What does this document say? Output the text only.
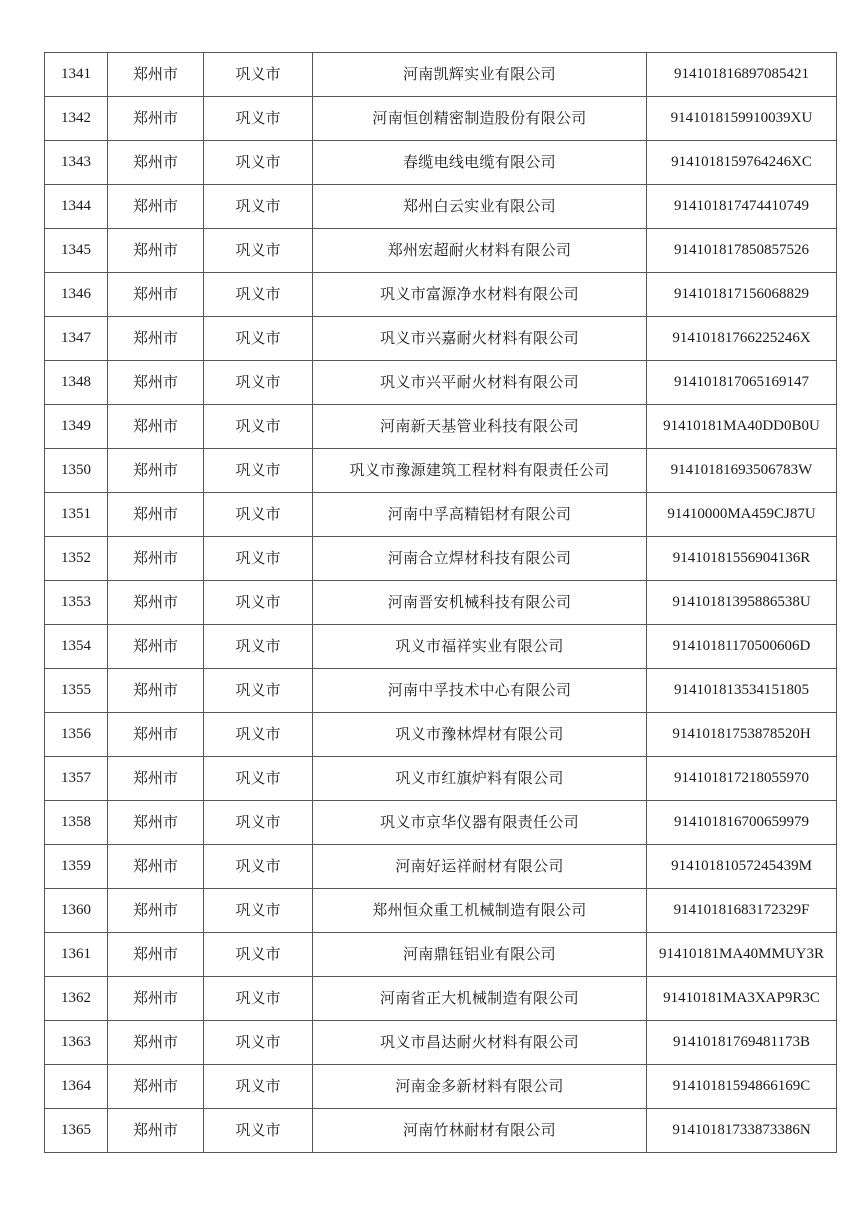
1341	郑州市	巩义市	河南凯辉实业有限公司	914101816897085421
1342	郑州市	巩义市	河南恒创精密制造股份有限公司	9141018159910039XU
1343	郑州市	巩义市	春缆电线电缆有限公司	9141018159764246XC
1344	郑州市	巩义市	郑州白云实业有限公司	914101817474410749
1345	郑州市	巩义市	郑州宏超耐火材料有限公司	914101817850857526
1346	郑州市	巩义市	巩义市富源净水材料有限公司	914101817156068829
1347	郑州市	巩义市	巩义市兴嘉耐火材料有限公司	91410181766225246X
1348	郑州市	巩义市	巩义市兴平耐火材料有限公司	914101817065169147
1349	郑州市	巩义市	河南新天基管业科技有限公司	91410181MA40DD0B0U
1350	郑州市	巩义市	巩义市豫源建筑工程材料有限责任公司	91410181693506783W
1351	郑州市	巩义市	河南中孚高精铝材有限公司	91410000MA459CJ87U
1352	郑州市	巩义市	河南合立焊材科技有限公司	91410181556904136R
1353	郑州市	巩义市	河南晋安机械科技有限公司	91410181395886538U
1354	郑州市	巩义市	巩义市福祥实业有限公司	91410181170500606D
1355	郑州市	巩义市	河南中孚技术中心有限公司	914101813534151805
1356	郑州市	巩义市	巩义市豫林焊材有限公司	91410181753878520H
1357	郑州市	巩义市	巩义市红旗炉料有限公司	914101817218055970
1358	郑州市	巩义市	巩义市京华仪器有限责任公司	914101816700659979
1359	郑州市	巩义市	河南好运祥耐材有限公司	91410181057245439M
1360	郑州市	巩义市	郑州恒众重工机械制造有限公司	91410181683172329F
1361	郑州市	巩义市	河南鼎钰铝业有限公司	91410181MA40MMUY3R
1362	郑州市	巩义市	河南省正大机械制造有限公司	91410181MA3XAP9R3C
1363	郑州市	巩义市	巩义市昌达耐火材料有限公司	91410181769481173B
1364	郑州市	巩义市	河南金多新材料有限公司	91410181594866169C
1365	郑州市	巩义市	河南竹林耐材有限公司	91410181733873386N
